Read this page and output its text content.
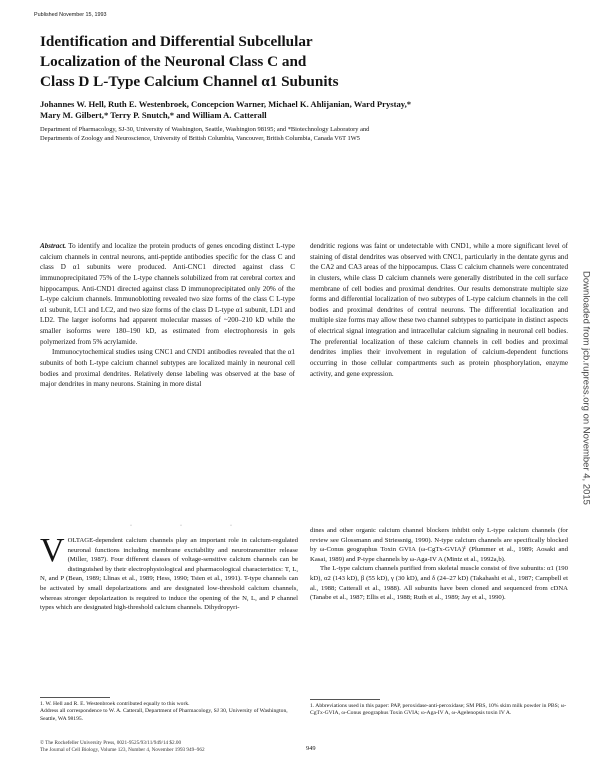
Published November 15, 1993
Identification and Differential Subcellular
Localization of the Neuronal Class C and
Class D L-Type Calcium Channel α1 Subunits
Johannes W. Hell, Ruth E. Westenbroek, Concepcion Warner, Michael K. Ahlijanian, Ward Prystay,*
Mary M. Gilbert,* Terry P. Snutch,* and William A. Catterall
Department of Pharmacology, SJ-30, University of Washington, Seattle, Washington 98195; and *Biotechnology Laboratory and
Departments of Zoology and Neuroscience, University of British Columbia, Vancouver, British Columbia, Canada V6T 1W5

Abstract. To identify and localize the protein products of genes encoding distinct L-type calcium channels in central neurons, anti-peptide antibodies specific for the class C and class D α1 subunits were produced. Anti-CNC1 directed against class C immunoprecipitated 75% of the L-type channels solubilized from rat cerebral cortex and hippocampus. Anti-CND1 directed against class D immunoprecipitated only 20% of the L-type calcium channels. Immunoblotting revealed two size forms of the class C L-type α1 subunit, LC1 and LC2, and two size forms of the class D L-type α1 subunit, LD1 and LD2. The larger isoforms had apparent molecular masses of ~200–210 kD while the smaller isoforms were 180–190 kD, as estimated from electrophoresis in gels polymerized from 5% acrylamide.

Immunocytochemical studies using CNC1 and CND1 antibodies revealed that the α1 subunits of both L-type calcium channel subtypes are localized mainly in neuronal cell bodies and proximal dendrites. Relatively dense labeling was observed at the base of major dendrites in many neurons. Staining in more distal

dendritic regions was faint or undetectable with CND1, while a more significant level of staining of distal dendrites was observed with CNC1, particularly in the dentate gyrus and the CA2 and CA3 areas of the hippocampus. Class C calcium channels were concentrated in clusters, while class D calcium channels were generally distributed in the cell surface membrane of cell bodies and proximal dendrites. Our results demonstrate multiple size forms and differential localization of two subtypes of L-type calcium channels in the cell bodies and proximal dendrites of central neurons. The differential localization and multiple size forms may allow these two channel subtypes to participate in distinct aspects of electrical signal integration and intracellular calcium signaling in neuronal cell bodies. The preferential localization of these calcium channels in cell bodies and proximal dendrites implies their involvement in regulation of calcium-dependent functions occurring in those cellular compartments such as protein phosphorylation, enzyme activity, and gene expression.

·	·	·

VOLTAGE-dependent calcium channels play an important role in calcium-regulated neuronal functions including membrane excitability and neurotransmitter release (Miller, 1987). Four different classes of voltage-sensitive calcium channels can be distinguished by their electrophysiological and pharmacological characteristics: T, L, N, and P (Bean, 1989; Llinas et al., 1989; Hess, 1990; Tsien et al., 1991). T-type channels can be activated by small depolarizations and are designated low-threshold calcium channels, whereas stronger depolarization is required to induce the opening of the N, L, and P channel types which are designated high-threshold calcium channels. Dihydropyri-

dines and other organic calcium channel blockers inhibit only L-type calcium channels (for review see Glossmann and Striessnig, 1990). N-type calcium channels are specifically blocked by ω-Conus geographus Toxin GVIA (ω-CgTx-GVIA)¹ (Plummer et al., 1989; Aosaki and Kasai, 1989) and P-type channels by ω-Aga-IV A (Mintz et al., 1992a,b).

The L-type calcium channels purified from skeletal muscle consist of five subunits: α1 (190 kD), α2 (143 kD), β (55 kD), γ (30 kD), and δ (24–27 kD) (Takahashi et al., 1987; Campbell et al., 1988; Catterall et al., 1988). All subunits have been cloned and sequenced from cDNA (Tanabe et al., 1987; Ellis et al., 1988; Ruth et al., 1989; Jay et al., 1990).

1. W. Hell and R. E. Westenbroek contributed equally to this work.

Address all correspondence to W. A. Catterall, Department of Pharmacology, SJ 30, University of Washington, Seattle, WA 98195.

1. Abbreviations used in this paper: PAP, peroxidase-anti-peroxidase; SM PBS, 10% skim milk powder in PBS; ω-CgTx-GVIA, ω-Conus geographus Toxin GVIA; ω-Aga-IV A, ω-Agelenopsis toxin IV A.

© The Rockefeller University Press, 0021-9525/93/11/949/14 $2.00
The Journal of Cell Biology, Volume 123, Number 4, November 1993 949–962	949
Downloaded from jcb.rupress.org on November 4, 2015
